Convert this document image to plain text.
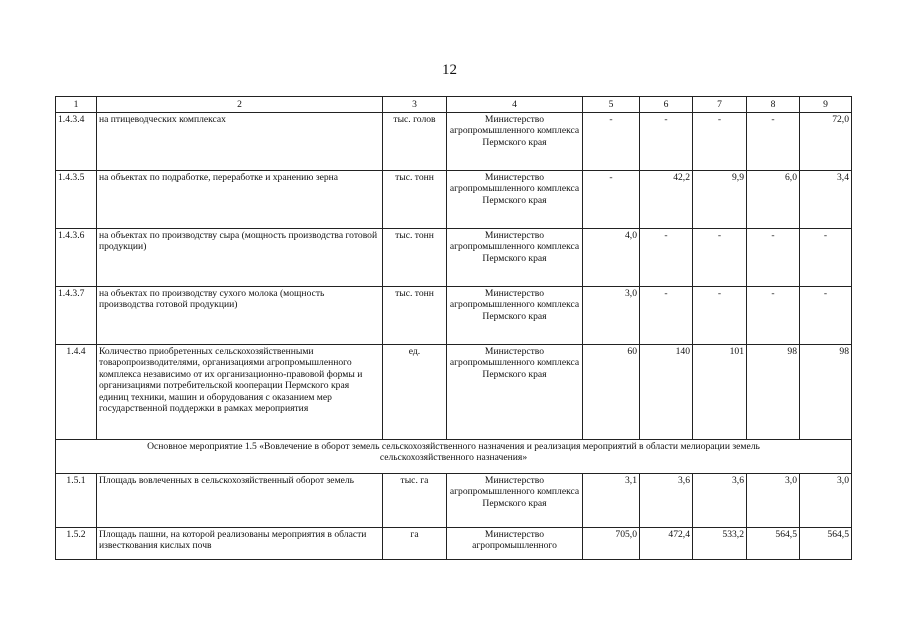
12
1	2	3	4	5	6	7	8	9
1.4.3.4	на птицеводческих комплексах	тыс. голов	Министерство агропромышленного комплекса Пермского края	-	-	-	-	72,0
1.4.3.5	на объектах по подработке, переработке и хранению зерна	тыс. тонн	Министерство агропромышленного комплекса Пермского края	-	42,2	9,9	6,0	3,4
1.4.3.6	на объектах по производству сыра (мощность производства готовой продукции)	тыс. тонн	Министерство агропромышленного комплекса Пермского края	4,0	-	-	-	-
1.4.3.7	на объектах по производству сухого молока (мощность производства готовой продукции)	тыс. тонн	Министерство агропромышленного комплекса Пермского края	3,0	-	-	-	-
1.4.4	Количество приобретенных сельскохозяйственными товаропроизводителями, организациями агропромышленного комплекса независимо от их организационно-правовой формы и организациями потребительской кооперации Пермского края единиц техники, машин и оборудования с оказанием мер государственной поддержки в рамках мероприятия	ед.	Министерство агропромышленного комплекса Пермского края	60	140	101	98	98
Основное мероприятие 1.5 «Вовлечение в оборот земель сельскохозяйственного назначения и реализация мероприятий в области мелиорации земель сельскохозяйственного назначения»								
1.5.1	Площадь вовлеченных в сельскохозяйственный оборот земель	тыс. га	Министерство агропромышленного комплекса Пермского края	3,1	3,6	3,6	3,0	3,0
1.5.2	Площадь пашни, на которой реализованы мероприятия в области известкования кислых почв	га	Министерство агропромышленного	705,0	472,4	533,2	564,5	564,5
